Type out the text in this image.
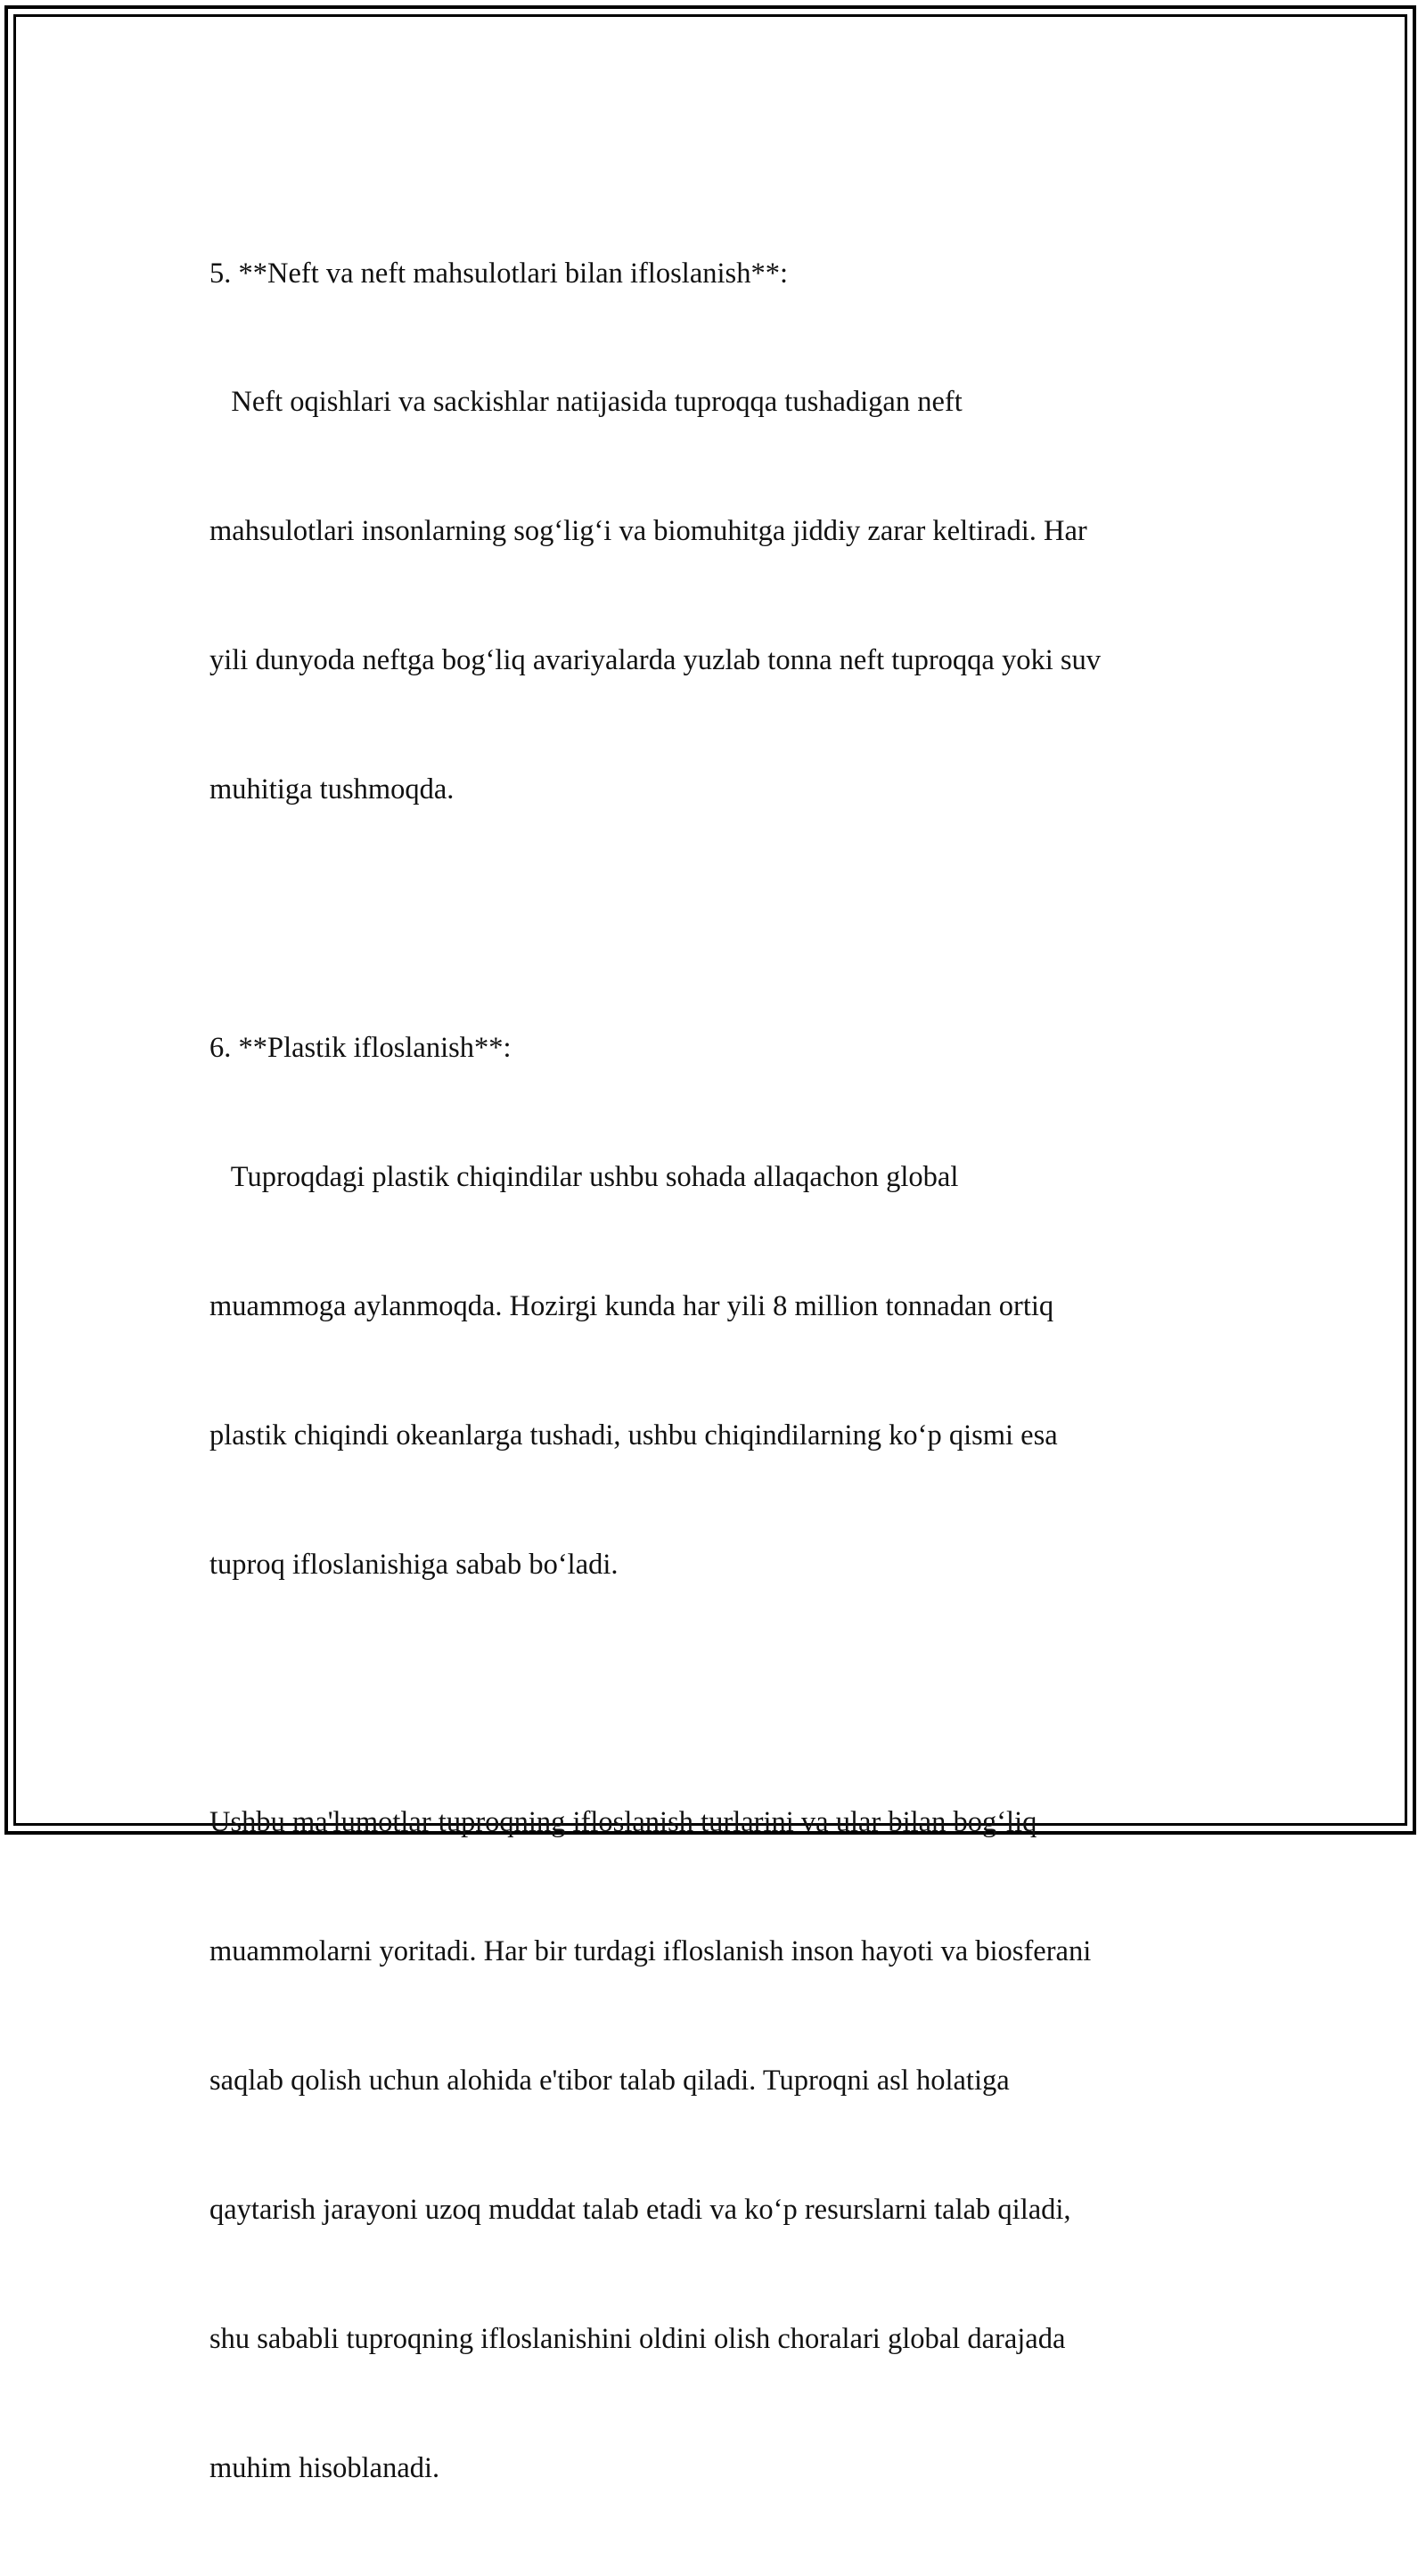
5. **Neft va neft mahsulotlari bilan ifloslanish**:

Neft oqishlari va sackishlar natijasida tuproqqa tushadigan neft

mahsulotlari insonlarning sog‘lig‘i va biomuhitga jiddiy zarar keltiradi. Har

yili dunyoda neftga bog‘liq avariyalarda yuzlab tonna neft tuproqqa yoki suv

muhitiga tushmoqda.

6. **Plastik ifloslanish**:

Tuproqdagi plastik chiqindilar ushbu sohada allaqachon global

muammoga aylanmoqda. Hozirgi kunda har yili 8 million tonnadan ortiq

plastik chiqindi okeanlarga tushadi, ushbu chiqindilarning ko‘p qismi esa

tuproq ifloslanishiga sabab bo‘ladi.

Ushbu ma'lumotlar tuproqning ifloslanish turlarini va ular bilan bog‘liq

muammolarni yoritadi. Har bir turdagi ifloslanish inson hayoti va biosferani

saqlab qolish uchun alohida e'tibor talab qiladi. Tuproqni asl holatiga

qaytarish jarayoni uzoq muddat talab etadi va ko‘p resurslarni talab qiladi,

shu sababli tuproqning ifloslanishini oldini olish choralari global darajada

muhim hisoblanadi.
